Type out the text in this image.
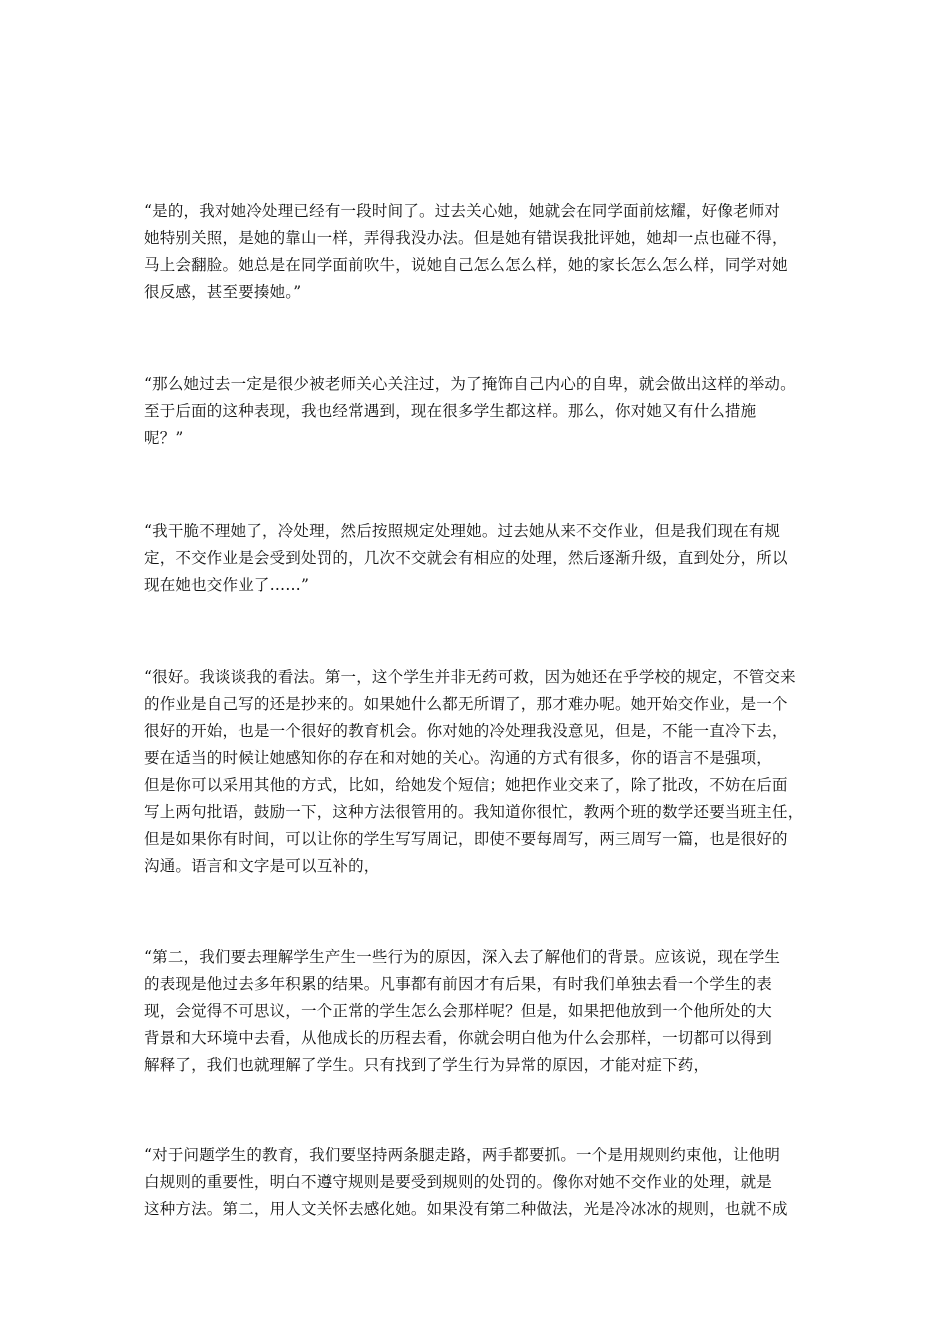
“是的，我对她冷处理已经有一段时间了。过去关心她，她就会在同学面前炫耀，好像老师对
她特别关照，是她的靠山一样，弄得我没办法。但是她有错误我批评她，她却一点也碰不得，
马上会翻脸。她总是在同学面前吹牛，说她自己怎么怎么样，她的家长怎么怎么样，同学对她
很反感，甚至要揍她。”
“那么她过去一定是很少被老师关心关注过，为了掩饰自己内心的自卑，就会做出这样的举动。
至于后面的这种表现，我也经常遇到，现在很多学生都这样。那么，你对她又有什么措施
呢？”
“我干脆不理她了，冷处理，然后按照规定处理她。过去她从来不交作业，但是我们现在有规
定，不交作业是会受到处罚的，几次不交就会有相应的处理，然后逐渐升级，直到处分，所以
现在她也交作业了……”
“很好。我谈谈我的看法。第一，这个学生并非无药可救，因为她还在乎学校的规定，不管交来
的作业是自己写的还是抄来的。如果她什么都无所谓了，那才难办呢。她开始交作业，是一个
很好的开始，也是一个很好的教育机会。你对她的冷处理我没意见，但是，不能一直冷下去，
要在适当的时候让她感知你的存在和对她的关心。沟通的方式有很多，你的语言不是强项，
但是你可以采用其他的方式，比如，给她发个短信；她把作业交来了，除了批改，不妨在后面
写上两句批语，鼓励一下，这种方法很管用的。我知道你很忙，教两个班的数学还要当班主任，
但是如果你有时间，可以让你的学生写写周记，即使不要每周写，两三周写一篇，也是很好的
沟通。语言和文字是可以互补的，
“第二，我们要去理解学生产生一些行为的原因，深入去了解他们的背景。应该说，现在学生
的表现是他过去多年积累的结果。凡事都有前因才有后果，有时我们单独去看一个学生的表
现，会觉得不可思议，一个正常的学生怎么会那样呢？但是，如果把他放到一个他所处的大
背景和大环境中去看，从他成长的历程去看，你就会明白他为什么会那样，一切都可以得到
解释了，我们也就理解了学生。只有找到了学生行为异常的原因，才能对症下药，
“对于问题学生的教育，我们要坚持两条腿走路，两手都要抓。一个是用规则约束他，让他明
白规则的重要性，明白不遵守规则是要受到规则的处罚的。像你对她不交作业的处理，就是
这种方法。第二，用人文关怀去感化她。如果没有第二种做法，光是冷冰冰的规则，也就不成
